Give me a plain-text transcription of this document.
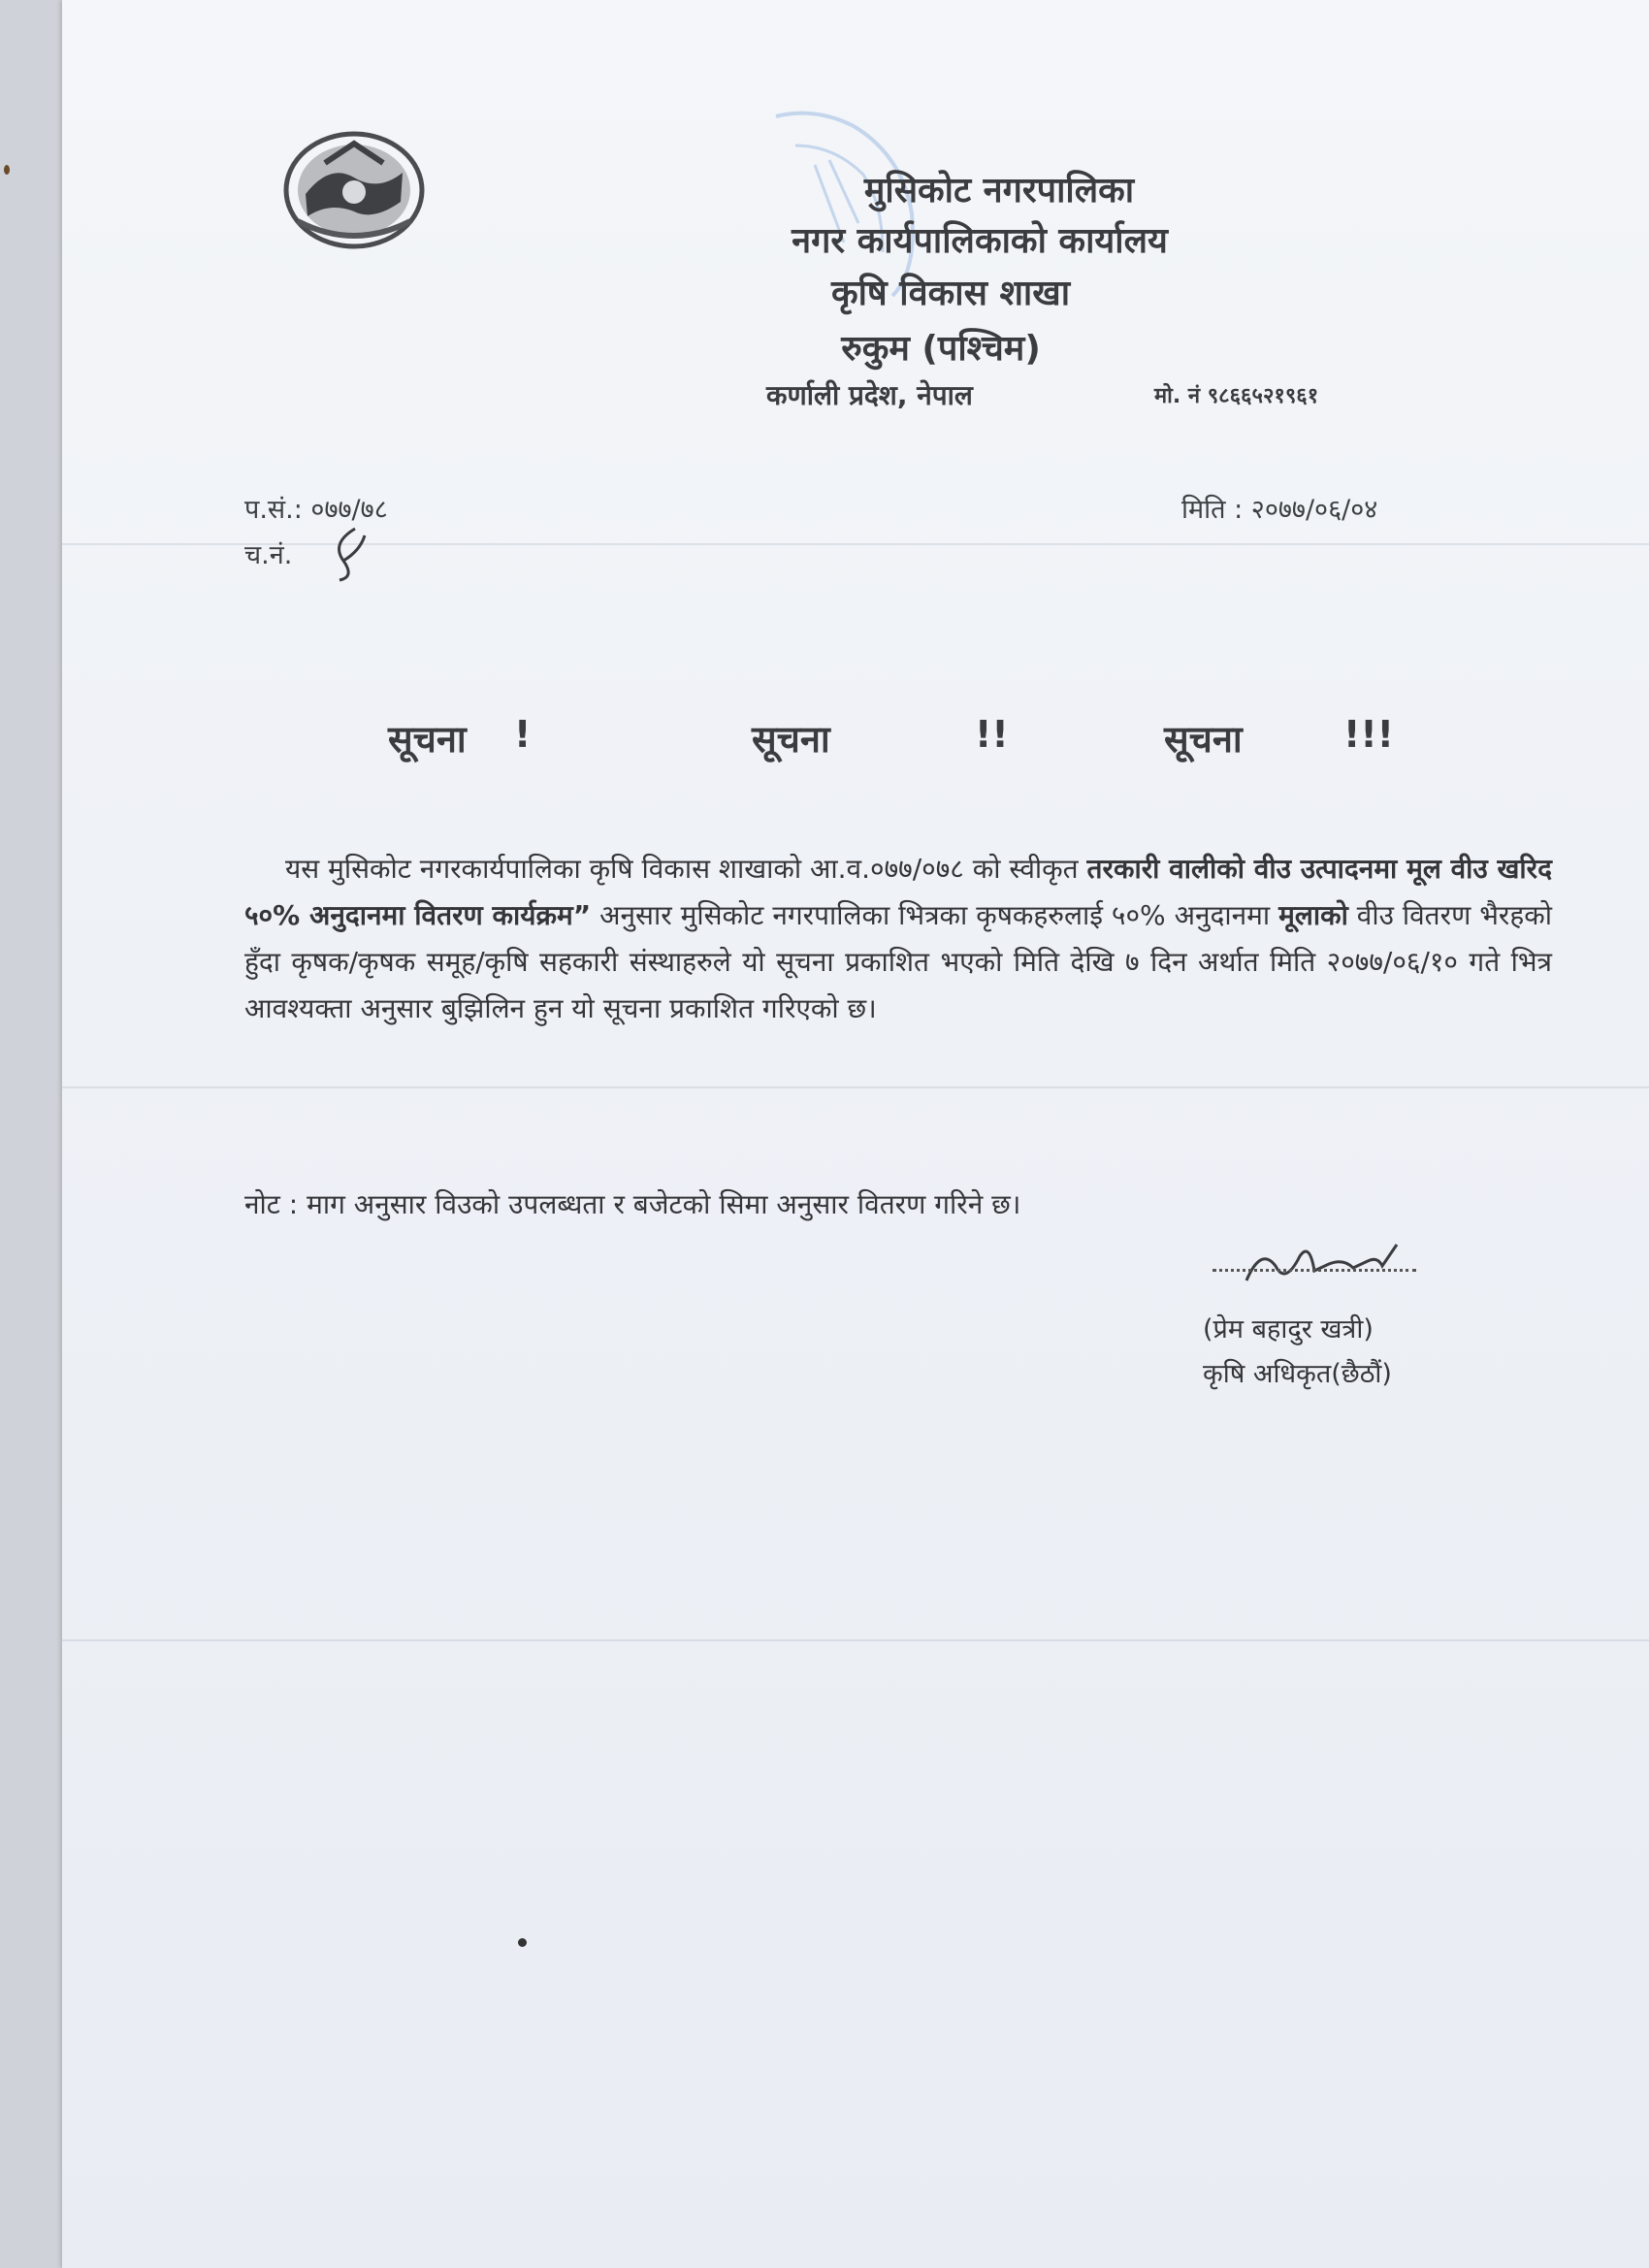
मुसिकोट नगरपालिका
नगर कार्यपालिकाको कार्यालय
कृषि विकास शाखा
रुकुम (पश्चिम)
कर्णाली प्रदेश, नेपाल	मो. नं ९८६६५२१९६१
प.सं.: ०७७/७८
च.नं.
मिति : २०७७/०६/०४
सूचना !	सूचना	!!	सूचना	!!!
यस मुसिकोट नगरकार्यपालिका कृषि विकास शाखाको आ.व.०७७/०७८ को स्वीकृत तरकारी वालीको वीउ उत्पादनमा मूल वीउ खरिद ५०% अनुदानमा वितरण कार्यक्रम” अनुसार मुसिकोट नगरपालिका भित्रका कृषकहरुलाई ५०% अनुदानमा मूलाको वीउ वितरण भैरहको हुँदा कृषक/कृषक समूह/कृषि सहकारी संस्थाहरुले यो सूचना प्रकाशित भएको मिति देखि ७ दिन अर्थात मिति २०७७/०६/१० गते भित्र आवश्यक्ता अनुसार बुझिलिन हुन यो सूचना प्रकाशित गरिएको छ।
नोट : माग अनुसार विउको उपलब्धता र बजेटको सिमा अनुसार वितरण गरिने छ।
(प्रेम बहादुर खत्री)
कृषि अधिकृत(छैठौं)
